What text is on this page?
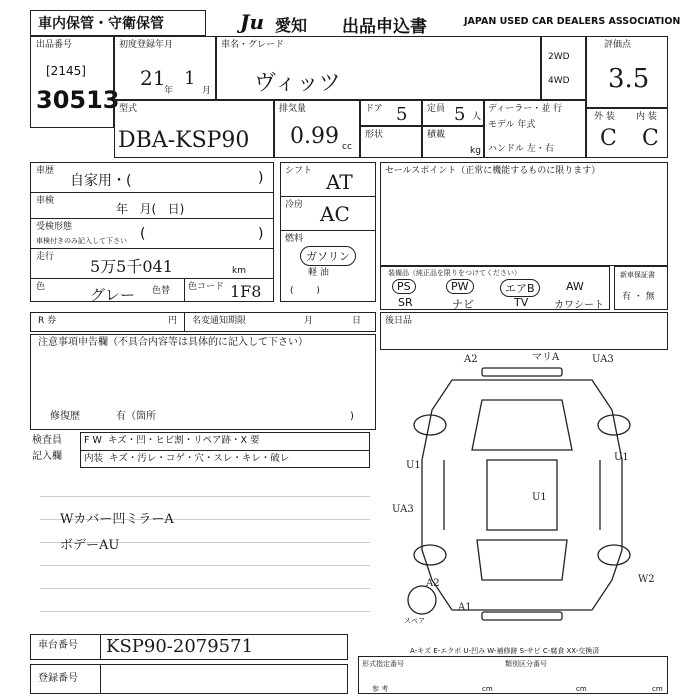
車内保管・守衛保管	Ju 愛知 出品申込書	JAPAN USED CAR DEALERS ASSOCIATION
出品番号
[2145]
30513
初度登録年月
21
年
1
月
車名・グレード
ヴィッツ
2WD
4WD
評価点
3.5
型式
DBA-KSP90
排気量
0.99 cc
ドア 5 定員 5 人
ディーラー・並 行
モデル 年式
ハンドル 左・右
形状	積載
kg
外 装 内 装
C C
車歴
自家用・(	)
車検
年   月(   日)
受検形態
車検付きのみ記入して下さい (	)
走行 5万5千041	km
色	グレー 色替 色コード 1F8
シフト AT
冷房 AC
燃料
ガソリン
軽 油
(        )
セールスポイント（正常に機能するものに限ります）
装備品（純正品を限りをつけてください）
PS	PW	エアB	AW
SR	ナビ	TV	カワシート
新車保証書
有 ・ 無
R 券	円 名変通知期限	月	日	後日品
注意事項申告欄（不具合内容等は具体的に記入して下さい）
修復歴	有（箇所	)
検査員
記入欄
F W  キズ・凹・ヒビ割・リペア跡・X 要
内装  キズ・汚レ・コゲ・穴・スレ・キレ・破レ
Wカバー凹ミラーA
ボデーAU
A2	マリA	UA3
U1
U1
UA3
A2
A1
W2
U1
スペア
A-キズ E-エクボ U-凹み W-補修跡 S-サビ C-腐食 XX-交換済
車台番号 KSP90-2079571
登録番号
形式指定番号	類別区分番号
参 考	cm	cm	cm
